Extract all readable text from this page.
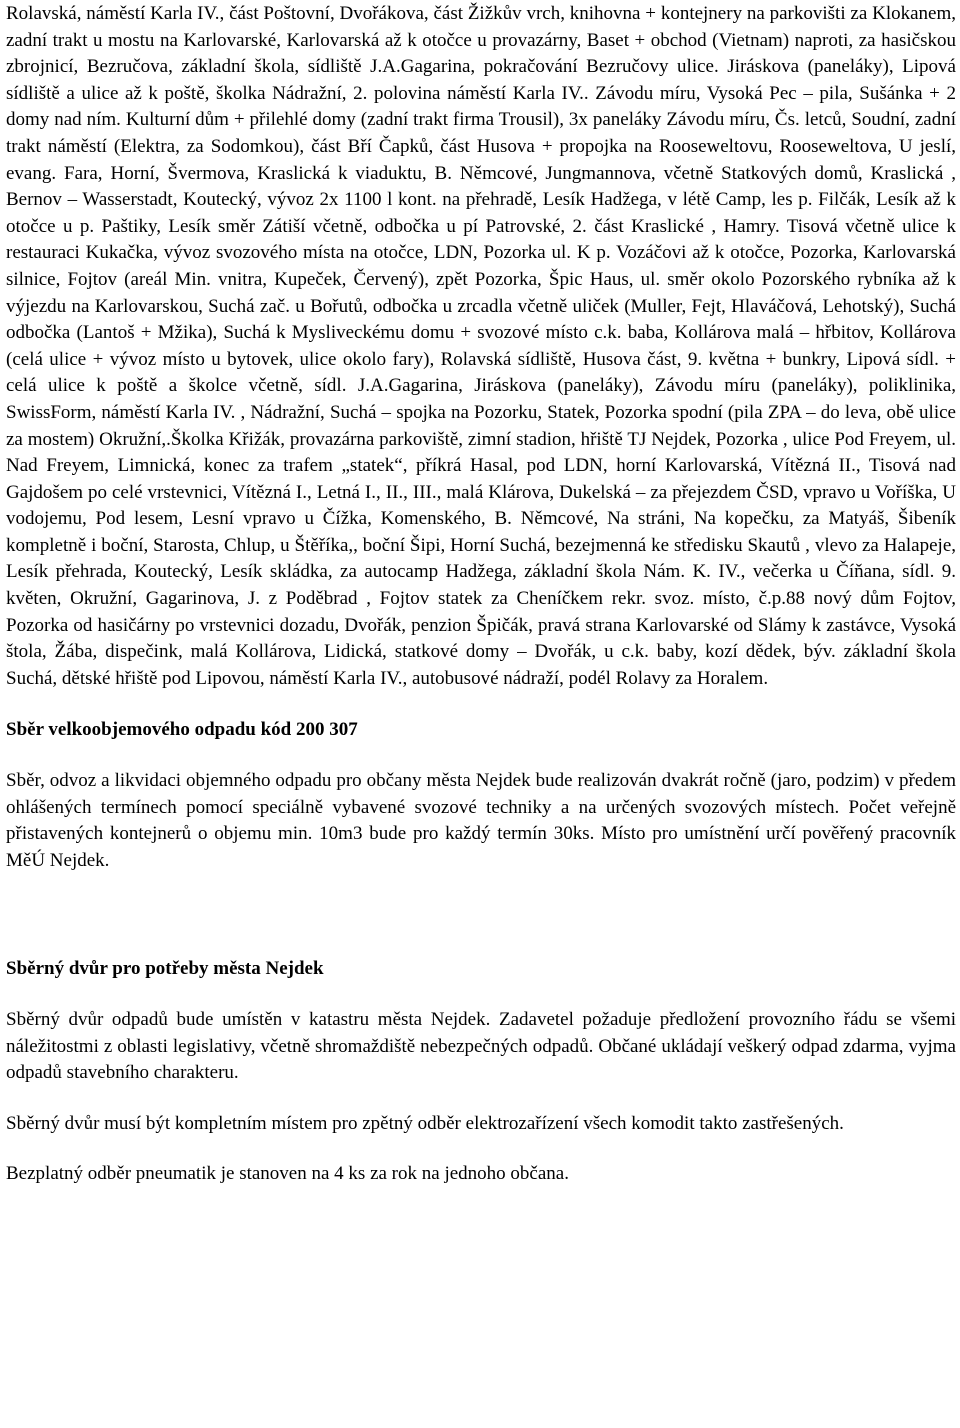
Rolavská, náměstí Karla IV., část Poštovní, Dvořákova, část Žižkův vrch, knihovna + kontejnery na parkovišti za Klokanem, zadní trakt u mostu na Karlovarské, Karlovarská až k otočce u provazárny, Baset + obchod (Vietnam) naproti, za hasičskou zbrojnicí, Bezručova, základní škola, sídliště J.A.Gagarina, pokračování Bezručovy ulice. Jiráskova (paneláky), Lipová sídliště a ulice až k poště, školka Nádražní, 2. polovina náměstí Karla IV.. Závodu míru, Vysoká Pec – pila, Sušánka + 2 domy nad ním. Kulturní dům + přilehlé domy (zadní trakt firma Trousil), 3x paneláky Závodu míru, Čs. letců, Soudní, zadní trakt náměstí (Elektra, za Sodomkou), část Bří Čapků, část Husova + propojka na Rooseweltovu, Rooseweltova, U jeslí, evang. Fara, Horní, Švermova, Kraslická k viaduktu, B. Němcové, Jungmannova, včetně Statkových domů, Kraslická , Bernov – Wasserstadt, Koutecký, vývoz 2x 1100 l kont. na přehradě, Lesík Hadžega, v létě Camp, les p. Filčák, Lesík až k otočce u p. Paštiky, Lesík směr Zátiší včetně, odbočka u pí Patrovské, 2. část Kraslické , Hamry. Tisová včetně ulice k restauraci Kukačka, vývoz svozového místa na otočce, LDN, Pozorka ul. K p. Vozáčovi až k otočce, Pozorka, Karlovarská silnice, Fojtov (areál Min. vnitra, Kupeček, Červený), zpět Pozorka, Špic Haus, ul. směr okolo Pozorského rybníka až k výjezdu na Karlovarskou, Suchá zač. u Bořutů, odbočka u zrcadla včetně uliček (Muller, Fejt, Hlaváčová, Lehotský), Suchá odbočka (Lantoš + Mžika), Suchá k Mysliveckému domu + svozové místo c.k. baba, Kollárova malá – hřbitov, Kollárova (celá ulice + vývoz místo u bytovek, ulice okolo fary), Rolavská sídliště, Husova část, 9. května + bunkry, Lipová sídl. + celá ulice k poště a školce včetně, sídl. J.A.Gagarina, Jiráskova (paneláky), Závodu míru (paneláky), poliklinika, SwissForm, náměstí Karla IV. , Nádražní, Suchá – spojka na Pozorku, Statek, Pozorka spodní (pila ZPA – do leva, obě ulice za mostem) Okružní,.Školka Křižák, provazárna parkoviště, zimní stadion, hřiště TJ Nejdek, Pozorka , ulice Pod Freyem, ul. Nad Freyem, Limnická, konec za trafem „statek“, příkrá Hasal, pod LDN, horní Karlovarská, Vítězná II., Tisová nad Gajdošem po celé vrstevnici, Vítězná I., Letná I., II., III., malá Klárova, Dukelská – za přejezdem ČSD, vpravo u Voříška, U vodojemu, Pod lesem, Lesní vpravo u Čížka, Komenského, B. Němcové, Na stráni, Na kopečku, za Matyáš, Šibeník kompletně i boční, Starosta, Chlup, u Štěříka,, boční Šipi, Horní Suchá, bezejmenná ke středisku Skautů , vlevo za Halapeje, Lesík přehrada, Koutecký, Lesík skládka, za autocamp Hadžega, základní škola Nám. K. IV., večerka u Číňana, sídl. 9. květen, Okružní, Gagarinova, J. z Poděbrad , Fojtov statek za Cheníčkem rekr. svoz. místo, č.p.88 nový dům Fojtov, Pozorka od hasičárny po vrstevnici dozadu, Dvořák, penzion Špičák, pravá strana Karlovarské od Slámy k zastávce, Vysoká štola, Žába, dispečink, malá Kollárova, Lidická, statkové domy – Dvořák, u c.k. baby, kozí dědek, býv. základní škola Suchá, dětské hřiště pod Lipovou, náměstí Karla IV., autobusové nádraží, podél Rolavy za Horalem.

Sběr velkoobjemového odpadu kód 200 307

Sběr, odvoz a likvidaci objemného odpadu pro občany města Nejdek bude realizován dvakrát ročně (jaro, podzim) v předem ohlášených termínech pomocí speciálně vybavené svozové techniky a na určených svozových místech. Počet veřejně přistavených kontejnerů o objemu min. 10m3 bude pro každý termín 30ks. Místo pro umístnění určí pověřený pracovník MěÚ Nejdek.

Sběrný dvůr pro potřeby města Nejdek

Sběrný dvůr odpadů bude umístěn v katastru města Nejdek. Zadavetel požaduje předložení provozního řádu se všemi náležitostmi z oblasti legislativy, včetně shromaždiště nebezpečných odpadů. Občané ukládají veškerý odpad zdarma, vyjma odpadů stavebního charakteru.

Sběrný dvůr musí být kompletním místem pro zpětný odběr elektrozařízení všech komodit takto zastřešených.

Bezplatný odběr pneumatik je stanoven na 4 ks za rok na jednoho občana.
